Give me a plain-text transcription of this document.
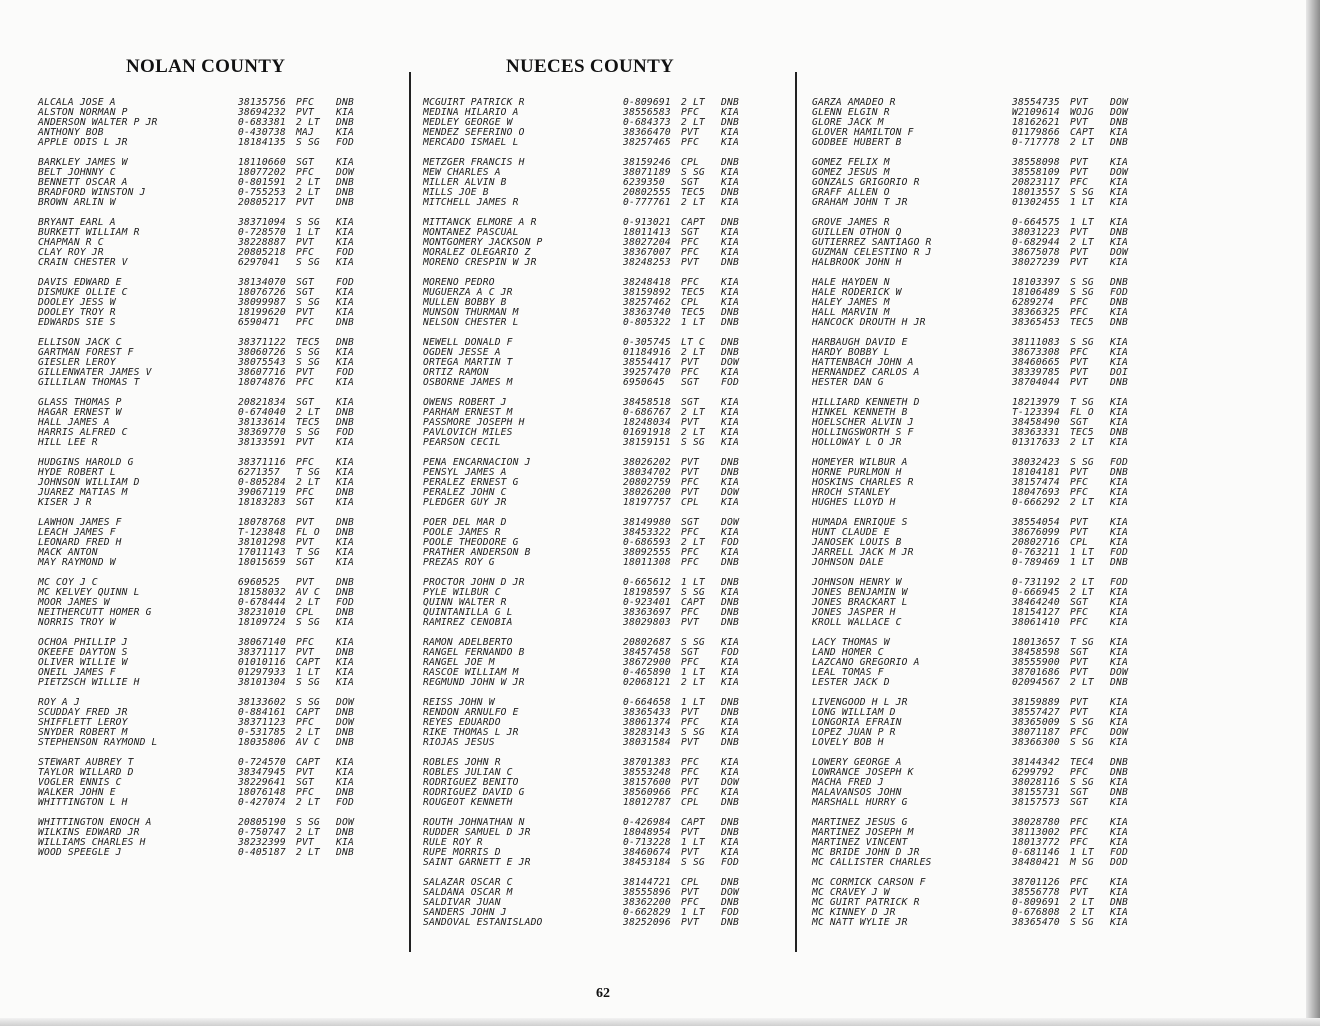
NOLAN COUNTY	NUECES COUNTY
ALCALA JOSE A	38135756 PFC DNB
ALSTON NORMAN P	38694232 PVT KIA
ANDERSON WALTER P JR	0-683381 2 LT DNB
ANTHONY BOB	0-430738 MAJ KIA
APPLE ODIS L JR	18184135 S SG FOD
BARKLEY JAMES W	18110660 SGT KIA
BELT JOHNNY C	18077202 PFC DOW
BENNETT OSCAR A	0-801591 2 LT DNB
BRADFORD WINSTON J	0-755253 2 LT DNB
BROWN ARLIN W	20805217 PVT DNB
BRYANT EARL A	38371094 S SG KIA
BURKETT WILLIAM R	0-728570 1 LT KIA
CHAPMAN R C	38228887 PVT KIA
CLAY ROY JR	20805218 PFC FOD
CRAIN CHESTER V	6297041 S SG KIA
DAVIS EDWARD E	38134070 SGT FOD
DISMUKE OLLIE C	18076726 SGT KIA
DOOLEY JESS W	38099987 S SG KIA
DOOLEY TROY R	18199620 PVT KIA
EDWARDS SIE S	6590471 PFC DNB
ELLISON JACK C	38371122 TEC5 DNB
GARTMAN FOREST F	38060726 S SG KIA
GIESLER LEROY	38075543 S SG KIA
GILLENWATER JAMES V	38607716 PVT FOD
GILLILAN THOMAS T	18074876 PFC KIA
GLASS THOMAS P	20821834 SGT KIA
HAGAR ERNEST W	0-674040 2 LT DNB
HALL JAMES A	38133614 TEC5 DNB
HARRIS ALFRED C	38369770 S SG FOD
HILL LEE R	38133591 PVT KIA
HUDGINS HAROLD G	38371116 PFC KIA
HYDE ROBERT L	6271357 T SG KIA
JOHNSON WILLIAM D	0-805284 2 LT KIA
JUAREZ MATIAS M	39067119 PFC DNB
KISER J R	18183283 SGT KIA
LAWHON JAMES F	18078768 PVT DNB
LEACH JAMES F	T-123848 FL O DNB
LEONARD FRED H	38101298 PVT KIA
MACK ANTON	17011143 T SG KIA
MAY RAYMOND W	18015659 SGT KIA
MC COY J C	6960525 PVT DNB
MC KELVEY QUINN L	18158032 AV C DNB
MOOR JAMES W	0-678444 2 LT FOD
NEITHERCUTT HOMER G	38231010 CPL DNB
NORRIS TROY W	18109724 S SG KIA
OCHOA PHILLIP J	38067140 PFC KIA
OKEEFE DAYTON S	38371117 PVT DNB
OLIVER WILLIE W	01010116 CAPT KIA
ONEIL JAMES F	01297933 1 LT KIA
PIETZSCH WILLIE H	38101304 S SG KIA
ROY A J	38133602 S SG DOW
SCUDDAY FRED JR	0-884161 CAPT DNB
SHIFFLETT LEROY	38371123 PFC DOW
SNYDER ROBERT M	0-531785 2 LT DNB
STEPHENSON RAYMOND L	18035806 AV C DNB
STEWART AUBREY T	0-724570 CAPT KIA
TAYLOR WILLARD D	38347945 PVT KIA
VOGLER ENNIS C	38229641 SGT KIA
WALKER JOHN E	18076148 PFC DNB
WHITTINGTON L H	0-427074 2 LT FOD
WHITTINGTON ENOCH A	20805190 S SG DOW
WILKINS EDWARD JR	0-750747 2 LT DNB
WILLIAMS CHARLES H	38232399 PVT KIA
WOOD SPEEGLE J	0-405187 2 LT DNB
MCGUIRT PATRICK R	0-809691 2 LT DNB
MEDINA HILARIO A	38556583 PFC KIA
MEDLEY GEORGE W	0-684373 2 LT DNB
MENDEZ SEFERINO O	38366470 PVT KIA
MERCADO ISMAEL L	38257465 PFC KIA
METZGER FRANCIS H	38159246 CPL DNB
MEW CHARLES A	38071189 S SG KIA
MILLER ALVIN B	6239350 SGT KIA
MILLS JOE B	20802555 TEC5 DNB
MITCHELL JAMES R	0-777761 2 LT KIA
MITTANCK ELMORE A R	0-913021 CAPT DNB
MONTANEZ PASCUAL	18011413 SGT KIA
MONTGOMERY JACKSON P	38027204 PFC KIA
MORALEZ OLEGARIO Z	38367007 PFC KIA
MORENO CRESPIN W JR	38248253 PVT DNB
MORENO PEDRO	38248418 PFC KIA
MUGUERZA A C JR	38159892 TEC5 KIA
MULLEN BOBBY B	38257462 CPL KIA
MUNSON THURMAN M	38363740 TEC5 DNB
NELSON CHESTER L	0-805322 1 LT DNB
NEWELL DONALD F	0-305745 LT C DNB
OGDEN JESSE A	01184916 2 LT DNB
ORTEGA MARTIN T	38554417 PVT DOW
ORTIZ RAMON	39257470 PFC KIA
OSBORNE JAMES M	6950645 SGT FOD
OWENS ROBERT J	38458518 SGT KIA
PARHAM ERNEST M	0-686767 2 LT KIA
PASSMORE JOSEPH H	18248034 PVT KIA
PAVLOVICH MILES	01691918 2 LT KIA
PEARSON CECIL	38159151 S SG KIA
PENA ENCARNACION J	38026202 PVT DNB
PENSYL JAMES A	38034702 PVT DNB
PERALEZ ERNEST G	20802759 PFC KIA
PERALEZ JOHN C	38026200 PVT DOW
PLEDGER GUY JR	18197757 CPL KIA
POER DEL MAR D	38149980 SGT DOW
POOLE JAMES R	38453322 PFC KIA
POOLE THEODORE G	0-686593 2 LT FOD
PRATHER ANDERSON B	38092555 PFC KIA
PREZAS ROY G	18011308 PFC DNB
PROCTOR JOHN D JR	0-665612 1 LT DNB
PYLE WILBUR C	18198597 S SG KIA
QUINN WALTER R	0-923401 CAPT DNB
QUINTANILLA G L	38363697 PFC DNB
RAMIREZ CENOBIA	38029803 PVT DNB
RAMON ADELBERTO	20802687 S SG KIA
RANGEL FERNANDO B	38457458 SGT FOD
RANGEL JOE M	38672900 PFC KIA
RASCOE WILLIAM M	0-465890 1 LT KIA
REGMUND JOHN W JR	02068121 2 LT KIA
REISS JOHN W	0-664658 1 LT DNB
RENDON ARNULFO E	38365433 PVT DNB
REYES EDUARDO	38061374 PFC KIA
RIKE THOMAS L JR	38283143 S SG KIA
RIOJAS JESUS	38031584 PVT DNB
ROBLES JOHN R	38701383 PFC KIA
ROBLES JULIAN C	38553248 PFC KIA
RODRIGUEZ BENITO	38157600 PVT DOW
RODRIGUEZ DAVID G	38560966 PFC KIA
ROUGEOT KENNETH	18012787 CPL DNB
ROUTH JOHNATHAN N	0-426984 CAPT DNB
RUDDER SAMUEL D JR	18048954 PVT DNB
RULE ROY R	0-713228 1 LT KIA
RUPE MORRIS D	38460674 PVT KIA
SAINT GARNETT E JR	38453184 S SG FOD
SALAZAR OSCAR C	38144721 CPL DNB
SALDANA OSCAR M	38555896 PVT DOW
SALDIVAR JUAN	38362200 PFC DNB
SANDERS JOHN J	0-662829 1 LT FOD
SANDOVAL ESTANISLADO	38252096 PVT DNB
GARZA AMADEO R	38554735 PVT DOW
GLENN ELGIN R	W2109614 WOJG DOW
GLORE JACK M	18162621 PVT DNB
GLOVER HAMILTON F	01179866 CAPT KIA
GODBEE HUBERT B	0-717778 2 LT DNB
GOMEZ FELIX M	38558098 PVT KIA
GOMEZ JESUS M	38558109 PVT DOW
GONZALS GRIGORIO R	20823117 PFC KIA
GRAFF ALLEN O	18013557 S SG KIA
GRAHAM JOHN T JR	01302455 1 LT KIA
GROVE JAMES R	0-664575 1 LT KIA
GUILLEN OTHON Q	38031223 PVT DNB
GUTIERREZ SANTIAGO R	0-682944 2 LT KIA
GUZMAN CELESTINO R J	38675078 PVT DOW
HALBROOK JOHN H	38027239 PVT KIA
HALE HAYDEN N	18103397 S SG DNB
HALE RODERICK W	18106489 S SG FOD
HALEY JAMES M	6289274 PFC DNB
HALL MARVIN M	38366325 PFC KIA
HANCOCK DROUTH H JR	38365453 TEC5 DNB
HARBAUGH DAVID E	38111083 S SG KIA
HARDY BOBBY L	38673308 PFC KIA
HATTENBACH JOHN A	38460665 PVT KIA
HERNANDEZ CARLOS A	38339785 PVT DOI
HESTER DAN G	38704044 PVT DNB
HILLIARD KENNETH D	18213979 T SG KIA
HINKEL KENNETH B	T-123394 FL O KIA
HOELSCHER ALVIN J	38458490 SGT KIA
HOLLINGSWORTH S F	38363331 TEC5 DNB
HOLLOWAY L O JR	01317633 2 LT KIA
HOMEYER WILBUR A	38032423 S SG FOD
HORNE PURLMON H	18104181 PVT DNB
HOSKINS CHARLES R	38157474 PFC KIA
HROCH STANLEY	18047693 PFC KIA
HUGHES LLOYD H	0-666292 2 LT KIA
HUMADA ENRIQUE S	38554054 PVT KIA
HUNT CLAUDE E	38676099 PVT KIA
JANOSEK LOUIS B	20802716 CPL KIA
JARRELL JACK M JR	0-763211 1 LT FOD
JOHNSON DALE	0-789469 1 LT DNB
JOHNSON HENRY W	0-731192 2 LT FOD
JONES BENJAMIN W	0-666945 2 LT KIA
JONES BRACKART L	38464240 SGT KIA
JONES JASPER H	18154127 PFC KIA
KROLL WALLACE C	38061410 PFC KIA
LACY THOMAS W	18013657 T SG KIA
LAND HOMER C	38458598 SGT KIA
LAZCANO GREGORIO A	38555900 PVT KIA
LEAL TOMAS F	38701686 PVT DOW
LESTER JACK D	02094567 2 LT DNB
LIVENGOOD H L JR	38159889 PVT KIA
LONG WILLIAM D	38557427 PVT KIA
LONGORIA EFRAIN	38365009 S SG KIA
LOPEZ JUAN P R	38071187 PFC DOW
LOVELY BOB H	38366300 S SG KIA
LOWERY GEORGE A	38144342 TEC4 DNB
LOWRANCE JOSEPH K	6299792 PFC DNB
MACHA FRED J	38028116 S SG KIA
MALAVANSOS JOHN	38155731 SGT DNB
MARSHALL HURRY G	38157573 SGT KIA
MARTINEZ JESUS G	38028780 PFC KIA
MARTINEZ JOSEPH M	38113002 PFC KIA
MARTINEZ VINCENT	18013772 PFC KIA
MC BRIDE JOHN D JR	0-681146 1 LT FOD
MC CALLISTER CHARLES	38480421 M SG DOD
MC CORMICK CARSON F	38701126 PFC KIA
MC CRAVEY J W	38556778 PVT KIA
MC GUIRT PATRICK R	0-809691 2 LT DNB
MC KINNEY D JR	0-676808 2 LT KIA
MC NATT WYLIE JR	38365470 S SG KIA
62
